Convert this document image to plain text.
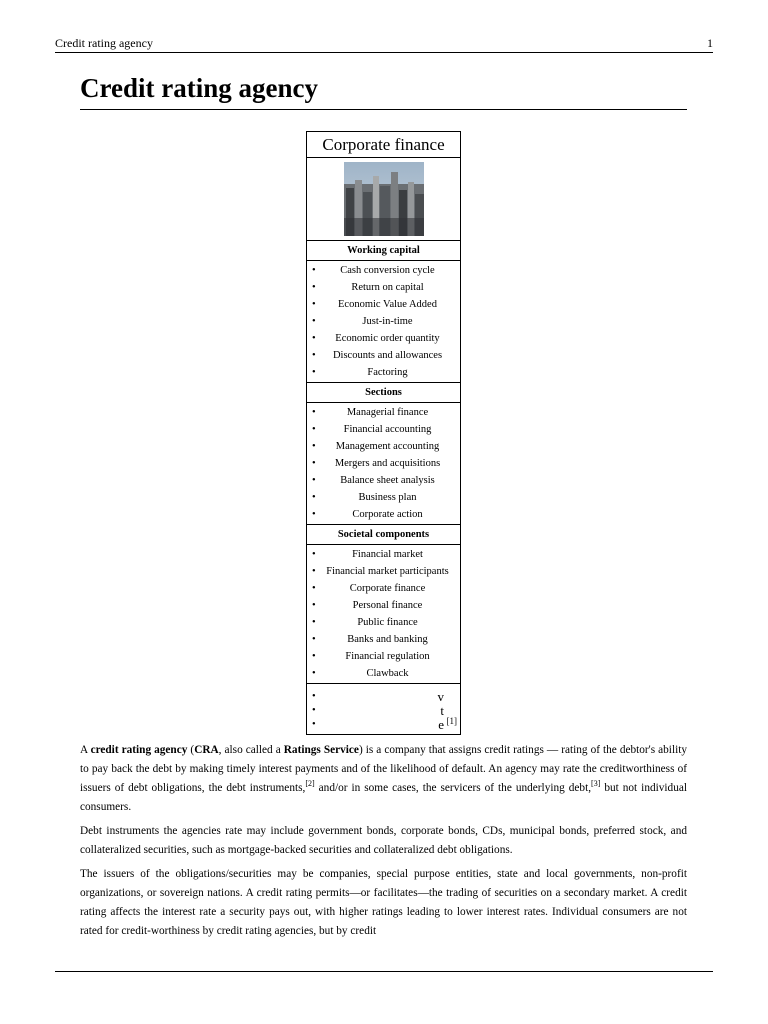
Credit rating agency	1
Credit rating agency
Corporate finance
Working capital
• Cash conversion cycle
•	Return on capital
• Economic Value Added
•	Just-in-time
• Economic order quantity
• Discounts and allowances
•	Factoring
Sections
•	Managerial finance
•	Financial accounting
• Management accounting
• Mergers and acquisitions
• Balance sheet analysis
•	Business plan
•	Corporate action
Societal components
•	Financial market
• Financial market participants
•	Corporate finance
•	Personal finance
•	Public finance
•	Banks and banking
•	Financial regulation
•	Clawback
•	v
•	t
•	e [1]

A credit rating agency (CRA, also called a Ratings Service) is a company that assigns credit ratings — rating of the debtor's ability to pay back the debt by making timely interest payments and of the likelihood of default. An agency may rate the creditworthiness of issuers of debt obligations, the debt instruments,[2] and/or in some cases, the servicers of the underlying debt,[3] but not individual consumers.

Debt instruments the agencies rate may include government bonds, corporate bonds, CDs, municipal bonds, preferred stock, and collateralized securities, such as mortgage-backed securities and collateralized debt obligations.

The issuers of the obligations/securities may be companies, special purpose entities, state and local governments, non-profit organizations, or sovereign nations. A credit rating permits—or facilitates—the trading of securities on a secondary market. A credit rating affects the interest rate a security pays out, with higher ratings leading to lower interest rates. Individual consumers are not rated for credit-worthiness by credit rating agencies, but by credit
